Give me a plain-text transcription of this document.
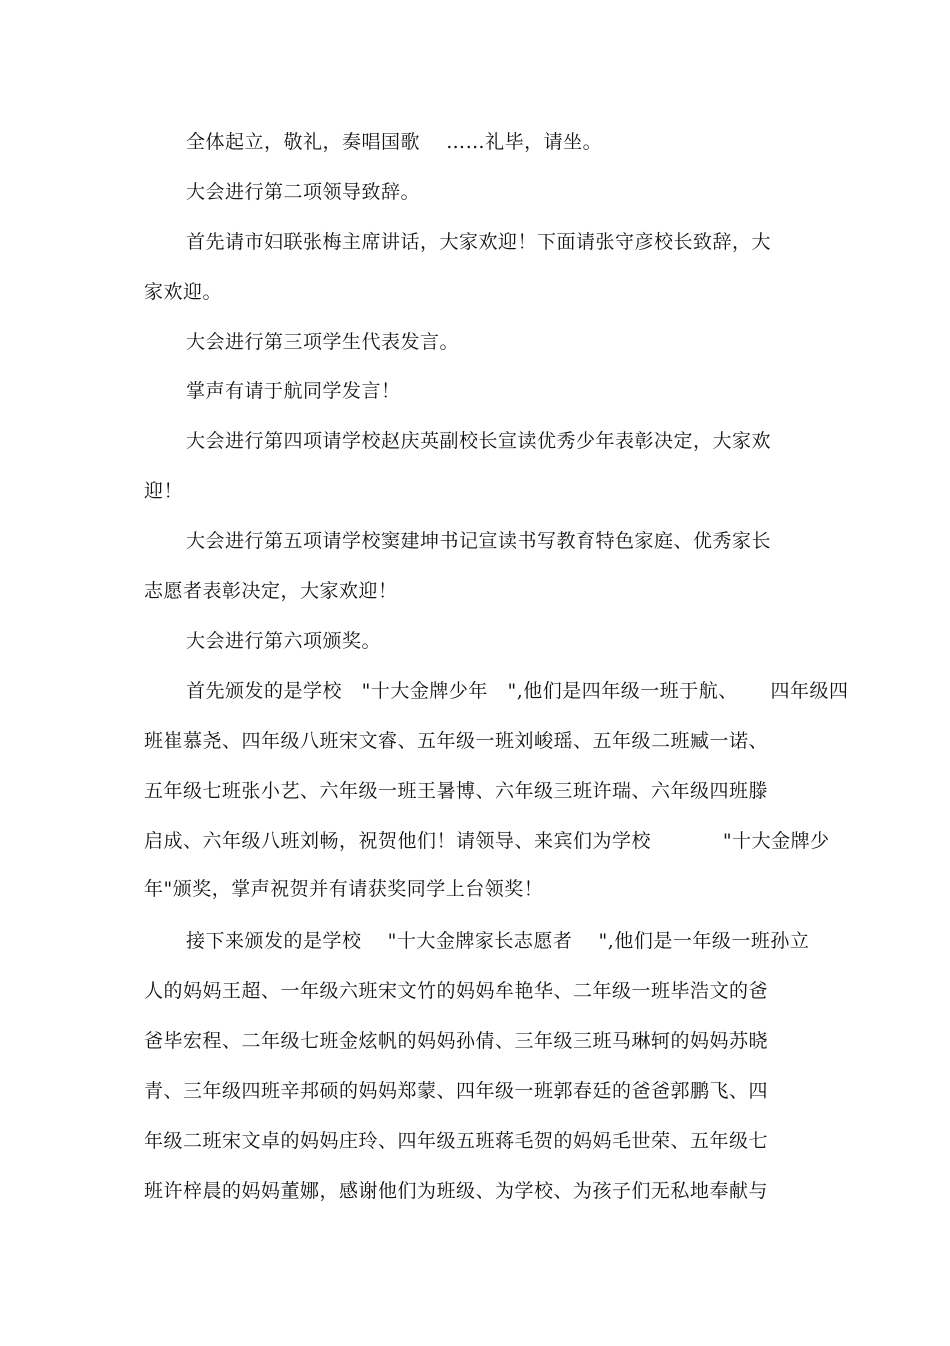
全体起立，敬礼，奏唱国歌    ……礼毕，请坐。
大会进行第二项领导致辞。
首先请市妇联张梅主席讲话，大家欢迎！下面请张守彦校长致辞，大
家欢迎。
大会进行第三项学生代表发言。
掌声有请于航同学发言！
大会进行第四项请学校赵庆英副校长宣读优秀少年表彰决定，大家欢
迎！
大会进行第五项请学校窦建坤书记宣读书写教育特色家庭、优秀家长
志愿者表彰决定，大家欢迎！
大会进行第六项颁奖。
首先颁发的是学校   "十大金牌少年   ",他们是四年级一班于航、     四年级四
班崔慕尧、四年级八班宋文睿、五年级一班刘峻瑶、五年级二班臧一诺、
五年级七班张小艺、六年级一班王暑博、六年级三班许瑞、六年级四班滕
启成、六年级八班刘畅，祝贺他们！请领导、来宾们为学校           "十大金牌少
年"颁奖，掌声祝贺并有请获奖同学上台领奖！
接下来颁发的是学校    "十大金牌家长志愿者    ",他们是一年级一班孙立
人的妈妈王超、一年级六班宋文竹的妈妈牟艳华、二年级一班毕浩文的爸
爸毕宏程、二年级七班金炫帆的妈妈孙倩、三年级三班马琳轲的妈妈苏晓
青、三年级四班辛邦硕的妈妈郑蒙、四年级一班郭春廷的爸爸郭鹏飞、四
年级二班宋文卓的妈妈庄玲、四年级五班蒋毛贺的妈妈毛世荣、五年级七
班许梓晨的妈妈董娜，感谢他们为班级、为学校、为孩子们无私地奉献与
